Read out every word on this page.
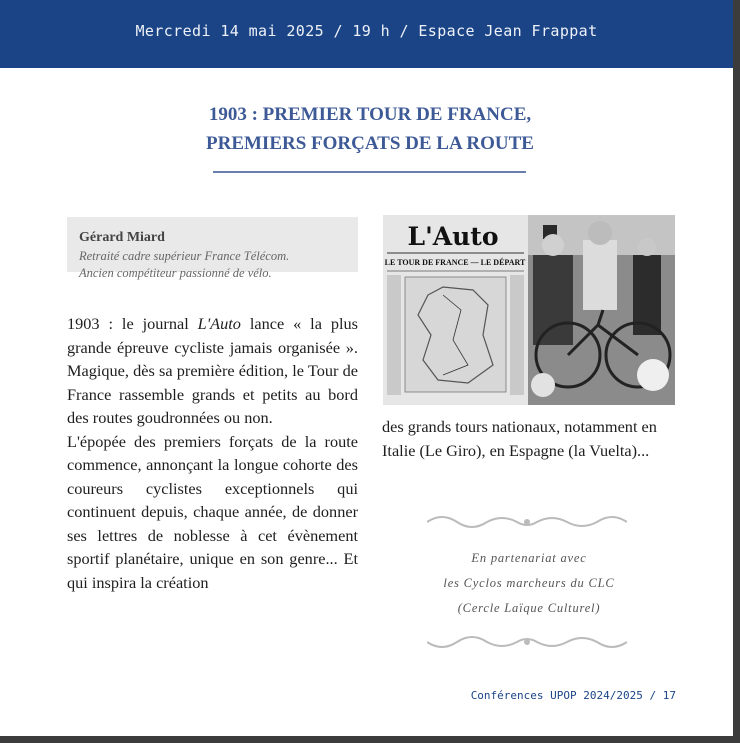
Mercredi 14 mai 2025 / 19 h / Espace Jean Frappat
1903 : PREMIER TOUR DE FRANCE,
PREMIERS FORÇATS DE LA ROUTE
Gérard Miard
Retraité cadre supérieur France Télécom.
Ancien compétiteur passionné de vélo.

1903 : le journal L'Auto lance « la plus grande épreuve cycliste jamais organisée ». Magique, dès sa première édition, le Tour de France rassemble grands et petits au bord des routes goudronnées ou non.

L'épopée des premiers forçats de la route commence, annonçant la longue cohorte des coureurs cyclistes exceptionnels qui continuent depuis, chaque année, de donner ses lettres de noblesse à cet évènement sportif planétaire, unique en son genre... Et qui inspira la création

L'Auto
LE TOUR DE FRANCE — LE DÉPART

des grands tours nationaux, notamment en Italie (Le Giro), en Espagne (la Vuelta)...

En partenariat avec
les Cyclos marcheurs du CLC
(Cercle Laïque Culturel)
Conférences UPOP 2024/2025 / 17
